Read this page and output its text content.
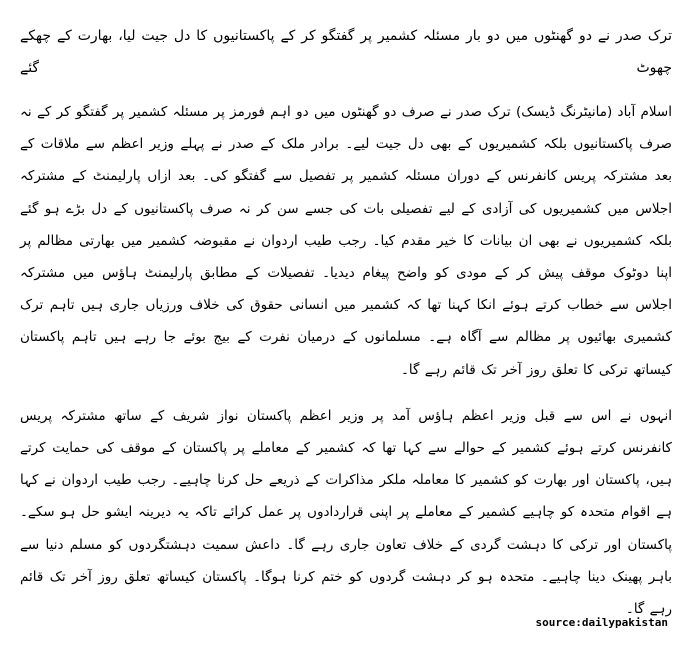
ترک صدر نے دو گھنٹوں میں دو بار مسئلہ کشمیر پر گفتگو کر کے پاکستانیوں کا دل جیت لیا، بھارت کے چھکے چھوٹ گئے

اسلام آباد (مانیٹرنگ ڈیسک) ترک صدر نے صرف دو گھنٹوں میں دو اہم فورمز پر مسئلہ کشمیر پر گفتگو کر کے نہ صرف پاکستانیوں بلکہ کشمیریوں کے بھی دل جیت لیے۔ برادر ملک کے صدر نے پہلے وزیر اعظم سے ملاقات کے بعد مشترکہ پریس کانفرنس کے دوران مسئلہ کشمیر پر تفصیل سے گفتگو کی۔ بعد ازاں پارلیمنٹ کے مشترکہ اجلاس میں کشمیریوں کی آزادی کے لیے تفصیلی بات کی جسے سن کر نہ صرف پاکستانیوں کے دل بڑے ہو گئے بلکہ کشمیریوں نے بھی ان بیانات کا خیر مقدم کیا۔ رجب طیب اردوان نے مقبوضہ کشمیر میں بھارتی مظالم پر اپنا دوٹوک موقف پیش کر کے مودی کو واضح پیغام دیدیا۔ تفصیلات کے مطابق پارلیمنٹ ہاؤس میں مشترکہ اجلاس سے خطاب کرتے ہوئے انکا کہنا تھا کہ کشمیر میں انسانی حقوق کی خلاف ورزیاں جاری ہیں تاہم ترک کشمیری بھائیوں پر مظالم سے آگاہ ہے۔ مسلمانوں کے درمیان نفرت کے بیج بوئے جا رہے ہیں تاہم پاکستان کیساتھ ترکی کا تعلق روز آخر تک قائم رہے گا۔

انہوں نے اس سے قبل وزیر اعظم ہاؤس آمد پر وزیر اعظم پاکستان نواز شریف کے ساتھ مشترکہ پریس کانفرنس کرتے ہوئے کشمیر کے حوالے سے کہا تھا کہ کشمیر کے معاملے پر پاکستان کے موقف کی حمایت کرتے ہیں، پاکستان اور بھارت کو کشمیر کا معاملہ ملکر مذاکرات کے ذریعے حل کرنا چاہیے۔ رجب طیب اردوان نے کہا ہے اقوام متحدہ کو چاہیے کشمیر کے معاملے پر اپنی قراردادوں پر عمل کرائے تاکہ یہ دیرینہ ایشو حل ہو سکے۔ پاکستان اور ترکی کا دہشت گردی کے خلاف تعاون جاری رہے گا۔ داعش سمیت دہشتگردوں کو مسلم دنیا سے باہر پھینک دینا چاہیے۔ متحدہ ہو کر دہشت گردوں کو ختم کرنا ہوگا۔ پاکستان کیساتھ تعلق روز آخر تک قائم رہے گا۔

source:dailypakistan
